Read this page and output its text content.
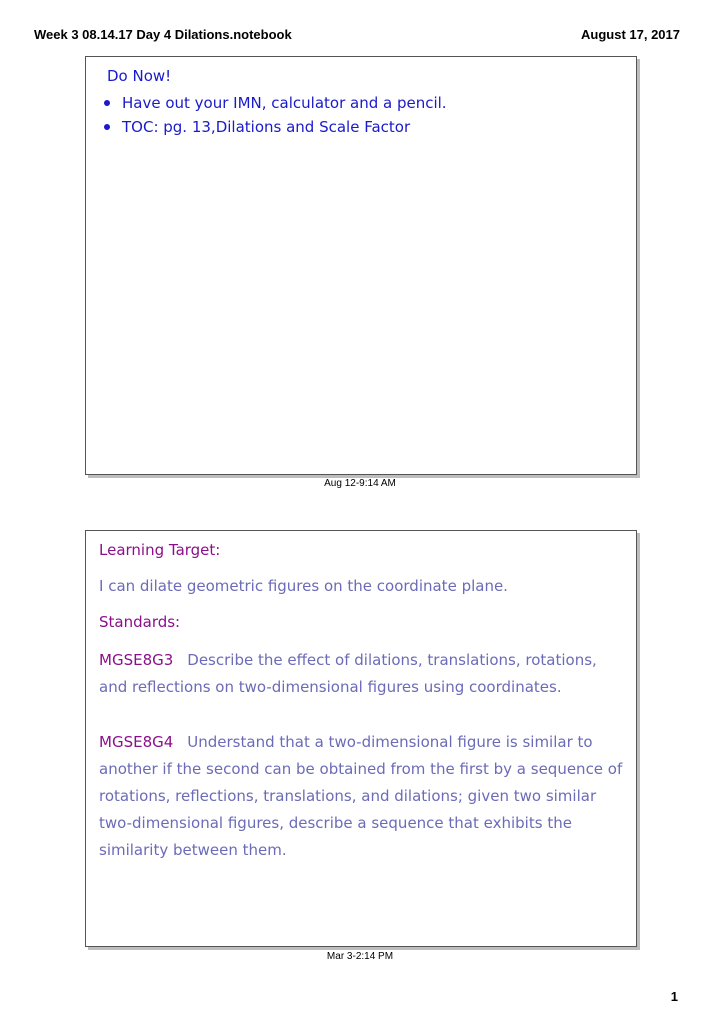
Week 3 08.14.17 Day 4 Dilations.notebook	August 17, 2017
Do Now!
Have out your IMN, calculator and a pencil.
TOC: pg. 13,Dilations and Scale Factor
Aug 12-9:14 AM
Learning Target:
I can dilate geometric figures on the coordinate plane.
Standards:
MGSE8G3 Describe the effect of dilations, translations, rotations, and reflections on two-dimensional figures using coordinates.
MGSE8G4 Understand that a two-dimensional figure is similar to another if the second can be obtained from the first by a sequence of rotations, reflections, translations, and dilations; given two similar two-dimensional figures, describe a sequence that exhibits the similarity between them.
Mar 3-2:14 PM
1
